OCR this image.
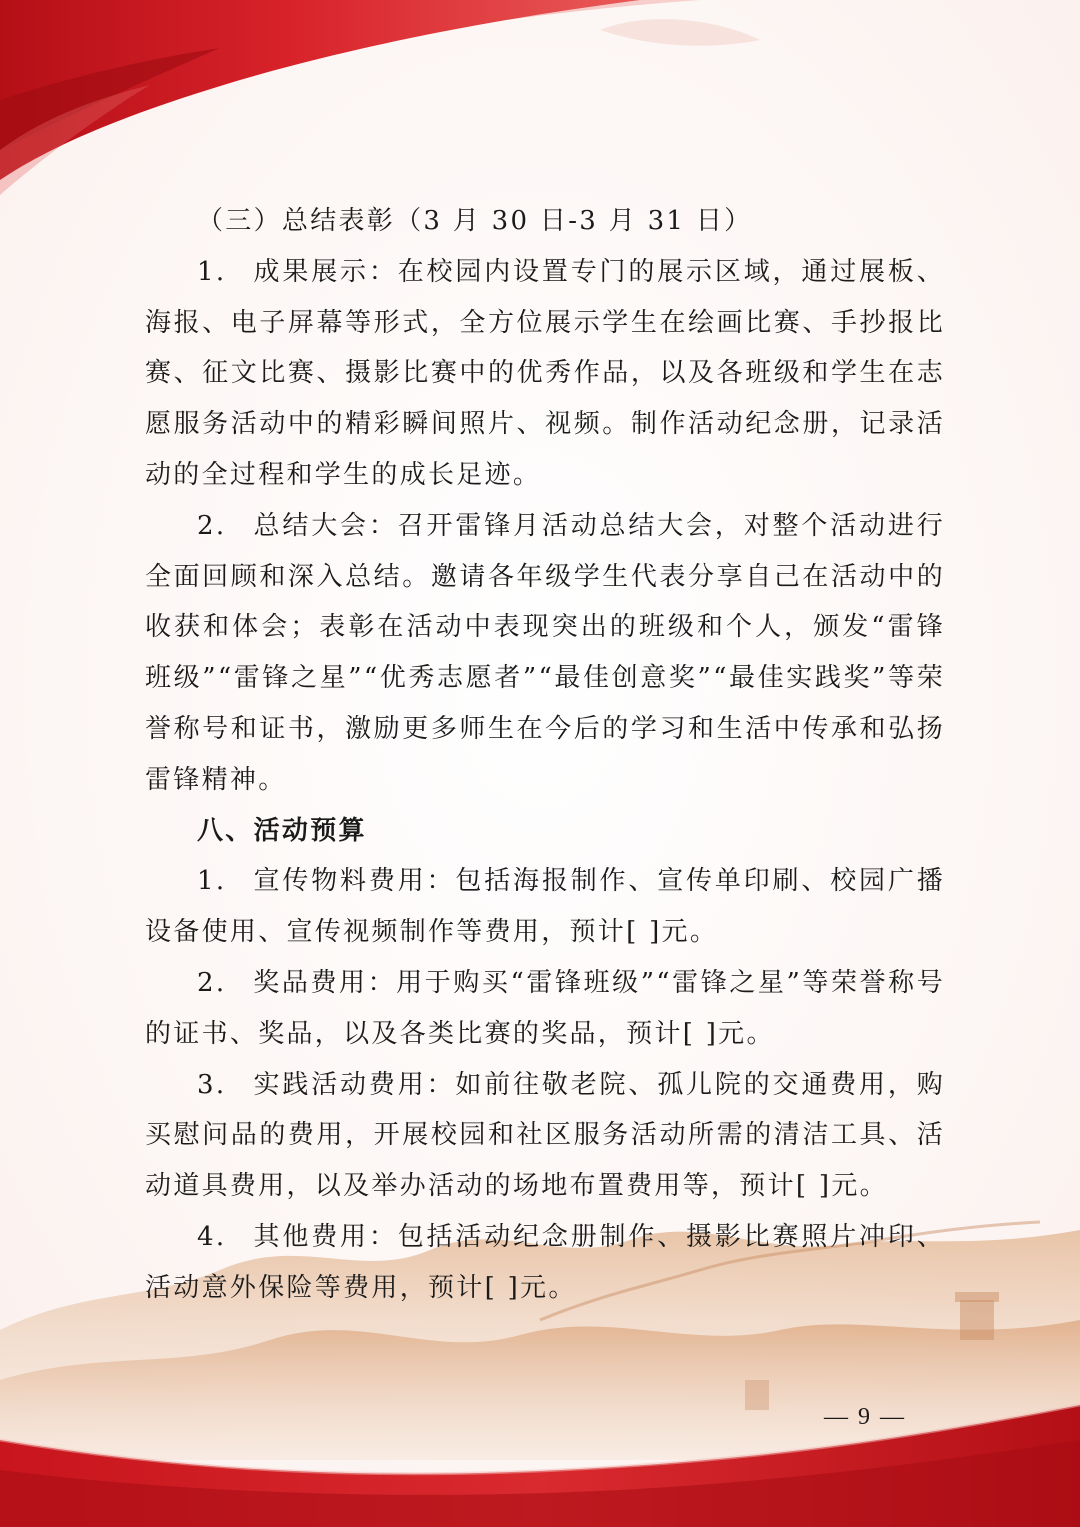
（三）总结表彰（3 月 30 日-3 月 31 日）

1. 成果展示：在校园内设置专门的展示区域，通过展板、海报、电子屏幕等形式，全方位展示学生在绘画比赛、手抄报比赛、征文比赛、摄影比赛中的优秀作品，以及各班级和学生在志愿服务活动中的精彩瞬间照片、视频。制作活动纪念册，记录活动的全过程和学生的成长足迹。

2. 总结大会：召开雷锋月活动总结大会，对整个活动进行全面回顾和深入总结。邀请各年级学生代表分享自己在活动中的收获和体会；表彰在活动中表现突出的班级和个人，颁发“雷锋班级”“雷锋之星”“优秀志愿者”“最佳创意奖”“最佳实践奖”等荣誉称号和证书，激励更多师生在今后的学习和生活中传承和弘扬雷锋精神。

八、活动预算

1. 宣传物料费用：包括海报制作、宣传单印刷、校园广播设备使用、宣传视频制作等费用，预计[ ]元。

2. 奖品费用：用于购买“雷锋班级”“雷锋之星”等荣誉称号的证书、奖品，以及各类比赛的奖品，预计[ ]元。

3. 实践活动费用：如前往敬老院、孤儿院的交通费用，购买慰问品的费用，开展校园和社区服务活动所需的清洁工具、活动道具费用，以及举办活动的场地布置费用等，预计[ ]元。

4. 其他费用：包括活动纪念册制作、摄影比赛照片冲印、活动意外保险等费用，预计[ ]元。

— 9 —
